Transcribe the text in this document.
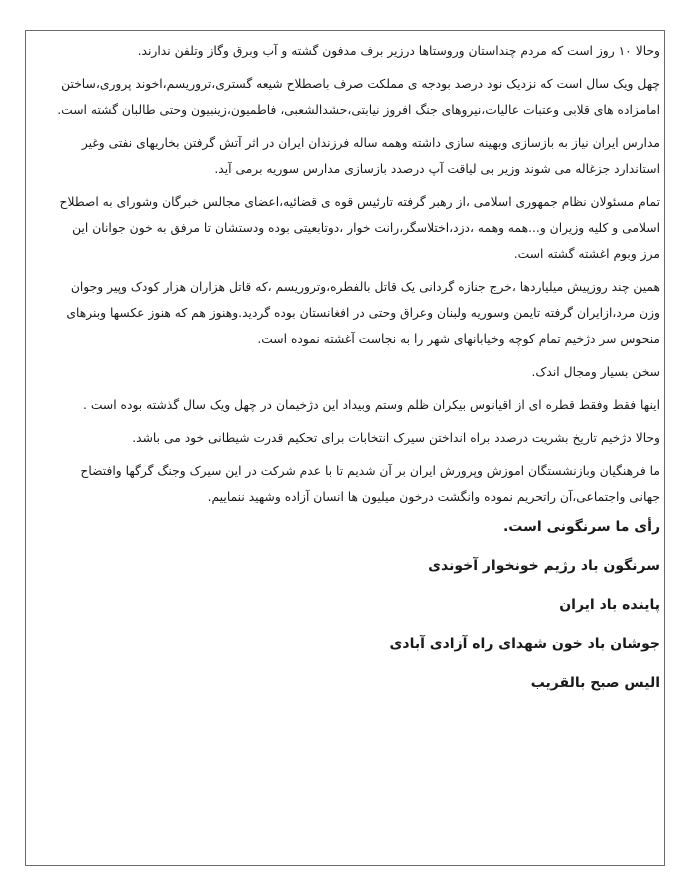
وحالا ۱۰ روز است که مردم چنداستان وروستاها درزیر برف مدفون گشته و آب وبرق وگاز وتلفن ندارند.

چهل ویک سال است که نزدیک نود درصد بودجه ی مملکت صرف باصطلاح شیعه گستری،تروریسم،اخوند پروری،ساختن امامزاده های قلابی وعتبات عالیات،نیروهای جنگ افروز نیابتی،حشدالشعبی، فاطمیون،زینبیون وحتی طالبان گشته است.

مدارس ایران نیاز به بازسازی وبهینه سازی داشته وهمه ساله فرزندان ایران در اثر آتش گرفتن بخاریهای نفتی وغیر استاندارد جزغاله می شوند وزیر بی لیاقت آپ درصدد بازسازی مدارس سوریه برمی آید.

تمام مسئولان نظام جمهوری اسلامی ،از رهبر گرفته تارئیس قوه ی قضائیه،اعضای مجالس خبرگان وشورای به اصطلاح اسلامی و کلیه وزیران و...همه وهمه ،دزد،اختلاسگر،رانت خوار ،دوتابعیتی بوده ودستشان تا مرفق به خون جوانان این مرز وبوم اغشته گشته است.

همین چند روزپیش میلیاردها ،خرج جنازه گردانی یک قاتل بالفطره،وتروریسم ،که قاتل هزاران هزار کودک وپیر وجوان وزن مرد،ازایران گرفته تایمن وسوریه ولبنان وعراق وحتی در افغانستان بوده گردید.وهنوز هم که هنوز عکسها وبنرهای منحوس سر دژخیم تمام کوچه وخیابانهای شهر را به نجاست آغشته نموده است.

سخن بسیار ومجال اندک.

اینها فقط وفقط قطره ای از اقیانوس بیکران ظلم وستم وبیداد این دژخیمان در چهل ویک سال گذشته بوده است .

وحالا دژخیم تاریخ بشریت درصدد براه انداختن سیرک انتخابات برای تحکیم قدرت شیطانی خود می باشد.

ما فرهنگیان وبازنشستگان اموزش وپرورش ایران بر آن شدیم تا با عدم شرکت در این سیرک وجنگ گرگها وافتضاح جهانی واجتماعی،آن راتحریم نموده وانگشت درخون میلیون ها انسان آزاده وشهید ننماییم.

رأی ما سرنگونی است.

سرنگون باد رژیم خونخوار آخوندی

پاینده باد ایران

جوشان باد خون شهدای راه آزادی آبادی

الیس صبح بالقریب
